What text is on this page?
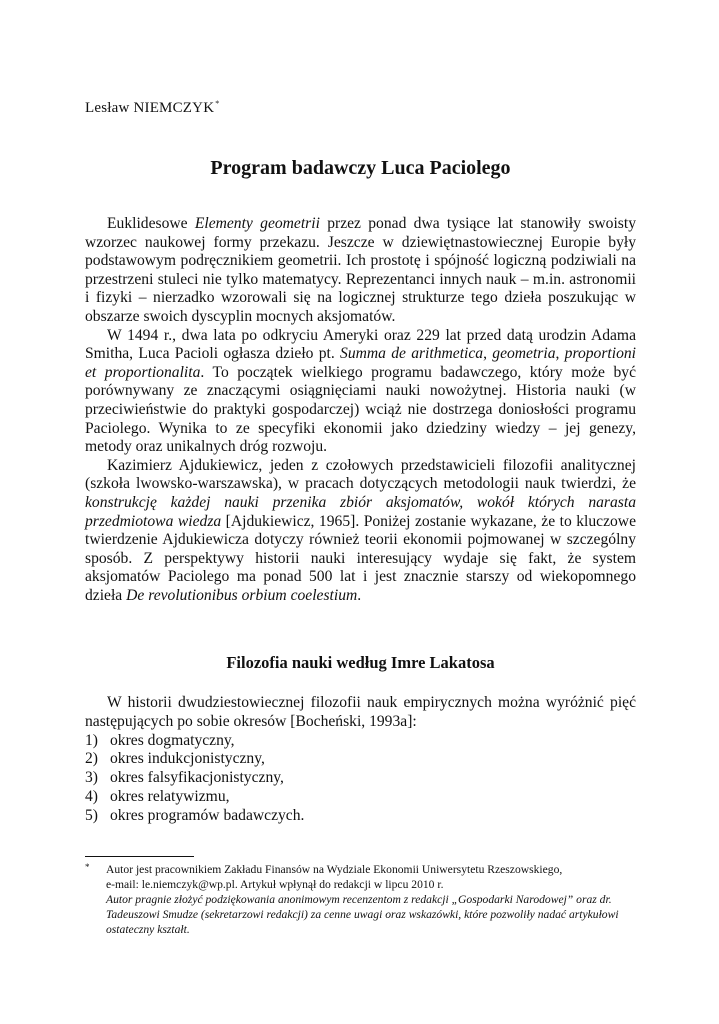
Lesław NIEMCZYK*
Program badawczy Luca Paciolego

Euklidesowe Elementy geometrii przez ponad dwa tysiące lat stanowiły swoisty wzorzec naukowej formy przekazu. Jeszcze w dziewiętnastowiecznej Europie były podstawowym podręcznikiem geometrii. Ich prostotę i spójność logiczną podziwiali na przestrzeni stuleci nie tylko matematycy. Reprezentanci innych nauk – m.in. astronomii i fizyki – nierzadko wzorowali się na logicznej strukturze tego dzieła poszukując w obszarze swoich dyscyplin mocnych aksjomatów.

W 1494 r., dwa lata po odkryciu Ameryki oraz 229 lat przed datą urodzin Adama Smitha, Luca Pacioli ogłasza dzieło pt. Summa de arithmetica, geometria, proportioni et proportionalita. To początek wielkiego programu badawczego, który może być porównywany ze znaczącymi osiągnięciami nauki nowożytnej. Historia nauki (w przeciwieństwie do praktyki gospodarczej) wciąż nie dostrzega doniosłości programu Paciolego. Wynika to ze specyfiki ekonomii jako dziedziny wiedzy – jej genezy, metody oraz unikalnych dróg rozwoju.

Kazimierz Ajdukiewicz, jeden z czołowych przedstawicieli filozofii analitycznej (szkoła lwowsko-warszawska), w pracach dotyczących metodologii nauk twierdzi, że konstrukcję każdej nauki przenika zbiór aksjomatów, wokół których narasta przedmiotowa wiedza [Ajdukiewicz, 1965]. Poniżej zostanie wykazane, że to kluczowe twierdzenie Ajdukiewicza dotyczy również teorii ekonomii pojmowanej w szczególny sposób. Z perspektywy historii nauki interesujący wydaje się fakt, że system aksjomatów Paciolego ma ponad 500 lat i jest znacznie starszy od wiekopomnego dzieła De revolutionibus orbium coelestium.

Filozofia nauki według Imre Lakatosa

W historii dwudziestowiecznej filozofii nauk empirycznych można wyróżnić pięć następujących po sobie okresów [Bocheński, 1993a]:

1) okres dogmatyczny,
2) okres indukcjonistyczny,
3) okres falsyfikacjonistyczny,
4) okres relatywizmu,
5) okres programów badawczych.
* Autor jest pracownikiem Zakładu Finansów na Wydziale Ekonomii Uniwersytetu Rzeszowskiego,
e-mail: le.niemczyk@wp.pl. Artykuł wpłynął do redakcji w lipcu 2010 r.
Autor pragnie złożyć podziękowania anonimowym recenzentom z redakcji „Gospodarki Narodowej” oraz dr. Tadeuszowi Smudze (sekretarzowi redakcji) za cenne uwagi oraz wskazówki, które pozwoliły nadać artykułowi ostateczny kształt.
